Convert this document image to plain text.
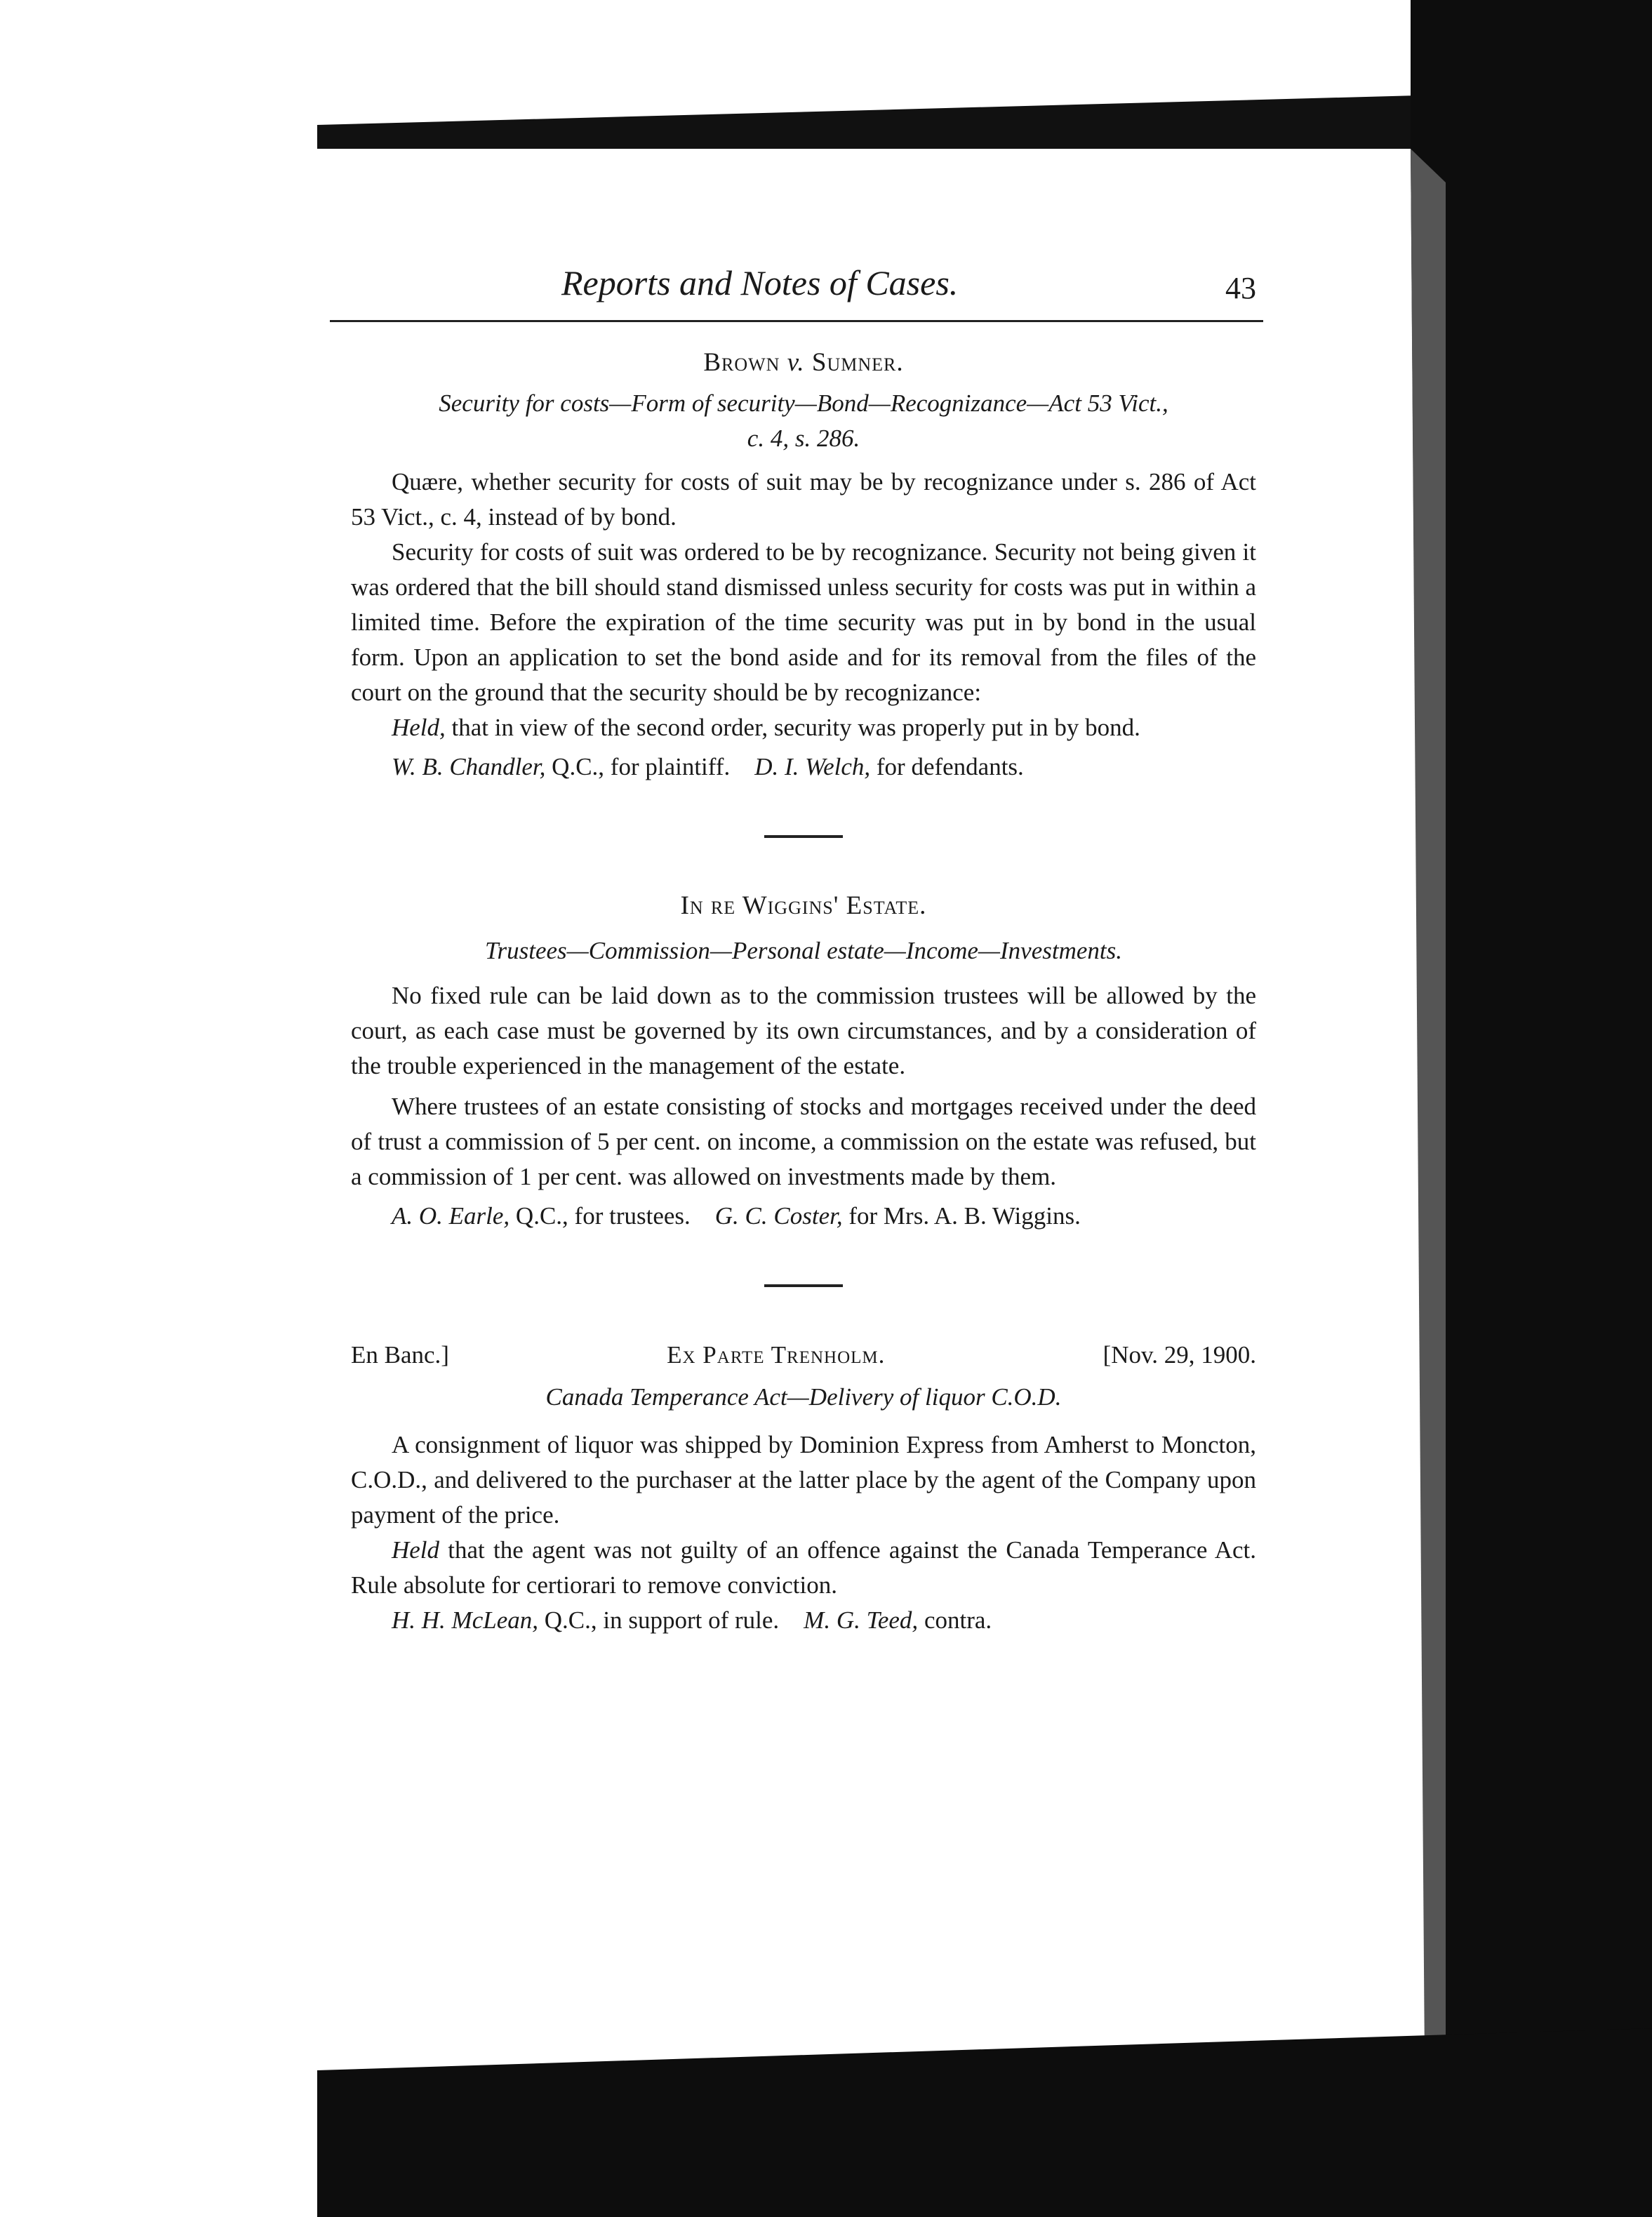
Reports and Notes of Cases.	43
Brown v. Sumner.
Security for costs—Form of security—Bond—Recognizance—Act 53 Vict.,
c. 4, s. 286.

Quære, whether security for costs of suit may be by recognizance under s. 286 of Act 53 Vict., c. 4, instead of by bond.

Security for costs of suit was ordered to be by recognizance. Security not being given it was ordered that the bill should stand dismissed unless security for costs was put in within a limited time. Before the expiration of the time security was put in by bond in the usual form. Upon an application to set the bond aside and for its removal from the files of the court on the ground that the security should be by recognizance:

Held, that in view of the second order, security was properly put in by bond.

W. B. Chandler, Q.C., for plaintiff. D. I. Welch, for defendants.

In re Wiggins' Estate.
Trustees—Commission—Personal estate—Income—Investments.

No fixed rule can be laid down as to the commission trustees will be allowed by the court, as each case must be governed by its own circumstances, and by a consideration of the trouble experienced in the management of the estate.

Where trustees of an estate consisting of stocks and mortgages received under the deed of trust a commission of 5 per cent. on income, a commission on the estate was refused, but a commission of 1 per cent. was allowed on investments made by them.

A. O. Earle, Q.C., for trustees. G. C. Coster, for Mrs. A. B. Wiggins.

En Banc.]	Ex Parte Trenholm.	[Nov. 29, 1900.
Canada Temperance Act—Delivery of liquor C.O.D.

A consignment of liquor was shipped by Dominion Express from Amherst to Moncton, C.O.D., and delivered to the purchaser at the latter place by the agent of the Company upon payment of the price.

Held that the agent was not guilty of an offence against the Canada Temperance Act. Rule absolute for certiorari to remove conviction.

H. H. McLean, Q.C., in support of rule. M. G. Teed, contra.
